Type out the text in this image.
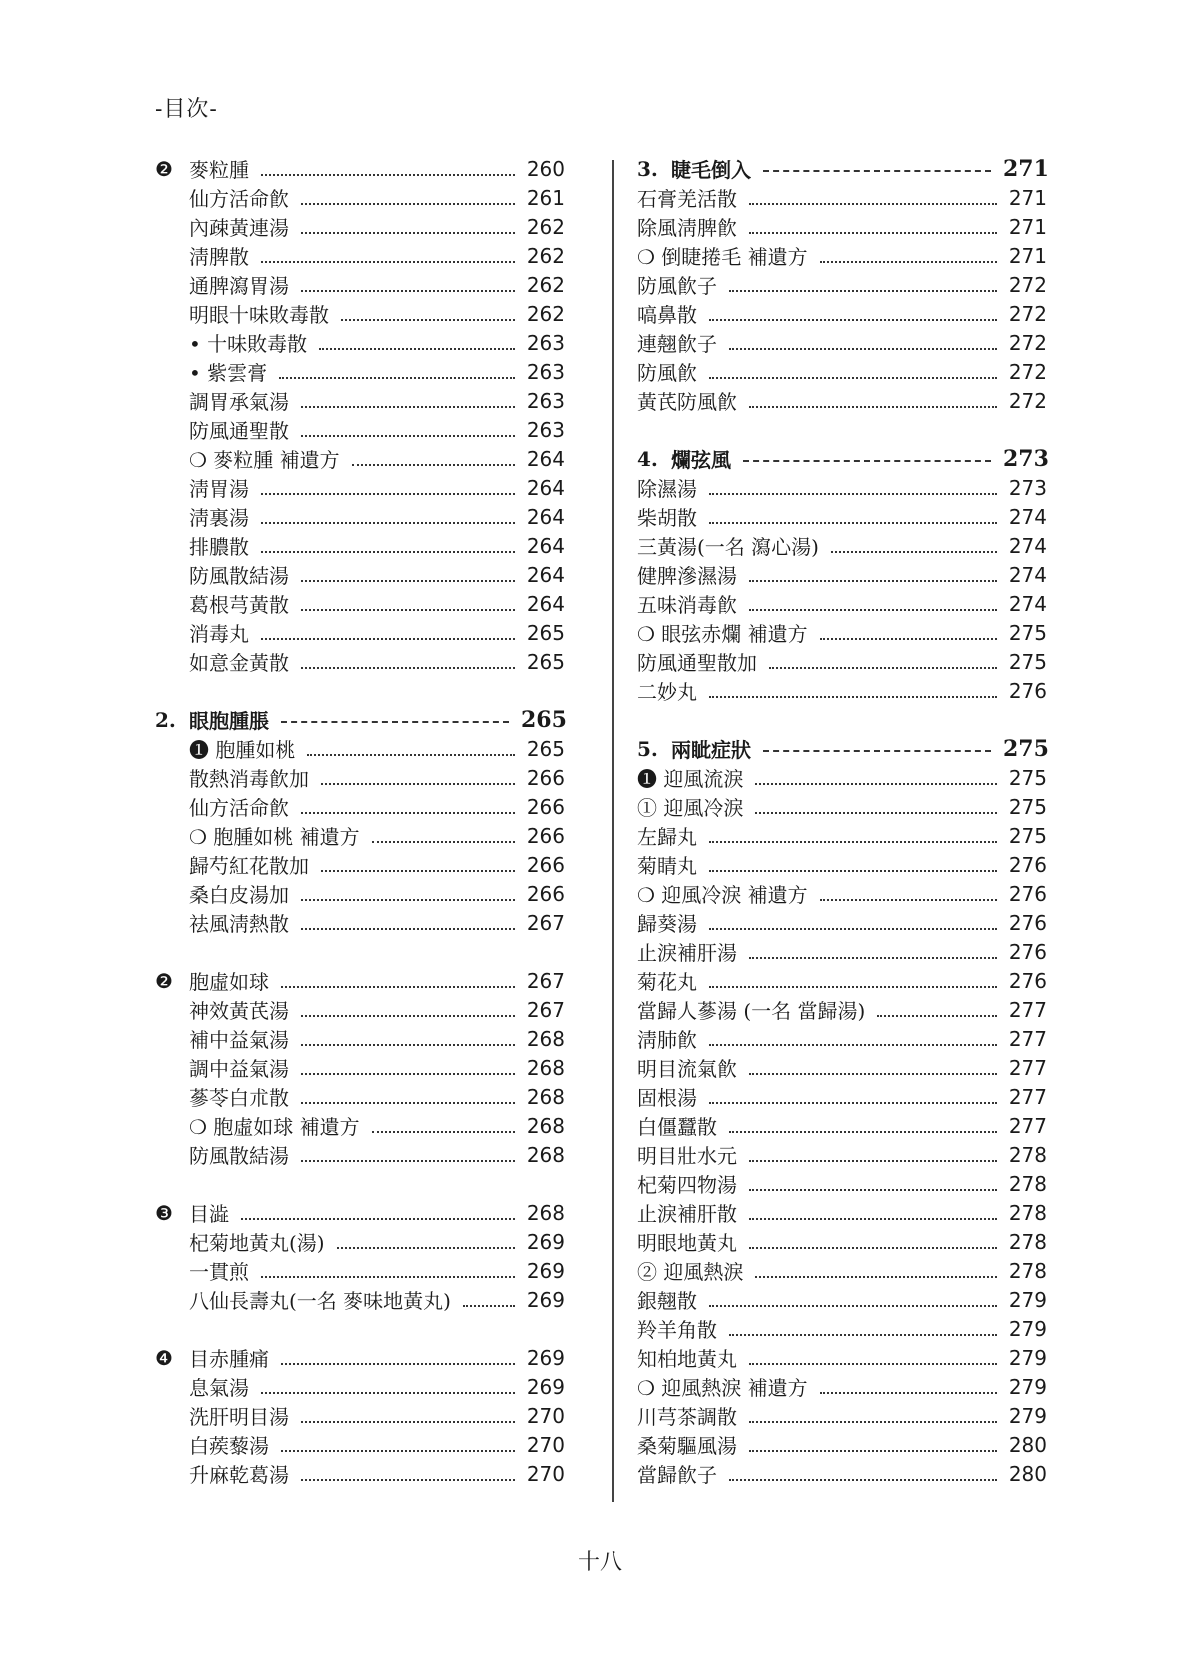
-目次-
❷ 麥粒腫	260
仙方活命飮	261
內疎黃連湯	262
淸脾散	262
通脾瀉胃湯	262
明眼十味敗毒散	262
• 十味敗毒散	263
• 紫雲膏	263
調胃承氣湯	263
防風通聖散	263
❍ 麥粒腫 補遺方	264
淸胃湯	264
淸裏湯	264
排膿散	264
防風散結湯	264
葛根芎黃散	264
消毒丸	265
如意金黃散	265
2. 眼胞腫脹	265
❶ 胞腫如桃	265
散熱消毒飮加	266
仙方活命飮	266
❍ 胞腫如桃 補遺方	266
歸芍紅花散加	266
桑白皮湯加	266
祛風淸熱散	267
❷ 胞虛如球	267
神效黃芪湯	267
補中益氣湯	268
調中益氣湯	268
蔘苓白朮散	268
❍ 胞虛如球 補遺方	268
防風散結湯	268
❸ 目澁	268
杞菊地黃丸(湯)	269
一貫煎	269
八仙長壽丸(一名 麥味地黃丸)	269
❹ 目赤腫痛	269
息氣湯	269
洗肝明目湯	270
白蒺藜湯	270
升麻乾葛湯	270
3. 睫毛倒入	271
石膏羌活散	271
除風淸脾飮	271
❍ 倒睫捲毛 補遺方	271
防風飮子	272
嗃鼻散	272
連翹飮子	272
防風飮	272
黃芪防風飮	272
4. 爛弦風	273
除濕湯	273
柴胡散	274
三黃湯(一名 瀉心湯)	274
健脾滲濕湯	274
五味消毒飮	274
❍ 眼弦赤爛 補遺方	275
防風通聖散加	275
二妙丸	276
5. 兩眦症狀	275
❶ 迎風流淚	275
① 迎風冷淚	275
左歸丸	275
菊睛丸	276
❍ 迎風冷淚 補遺方	276
歸葵湯	276
止淚補肝湯	276
菊花丸	276
當歸人蔘湯 (一名 當歸湯)	277
淸肺飮	277
明目流氣飮	277
固根湯	277
白僵蠶散	277
明目壯水元	278
杞菊四物湯	278
止淚補肝散	278
明眼地黃丸	278
② 迎風熱淚	278
銀翹散	279
羚羊角散	279
知柏地黃丸	279
❍ 迎風熱淚 補遺方	279
川芎茶調散	279
桑菊驅風湯	280
當歸飮子	280
十八
